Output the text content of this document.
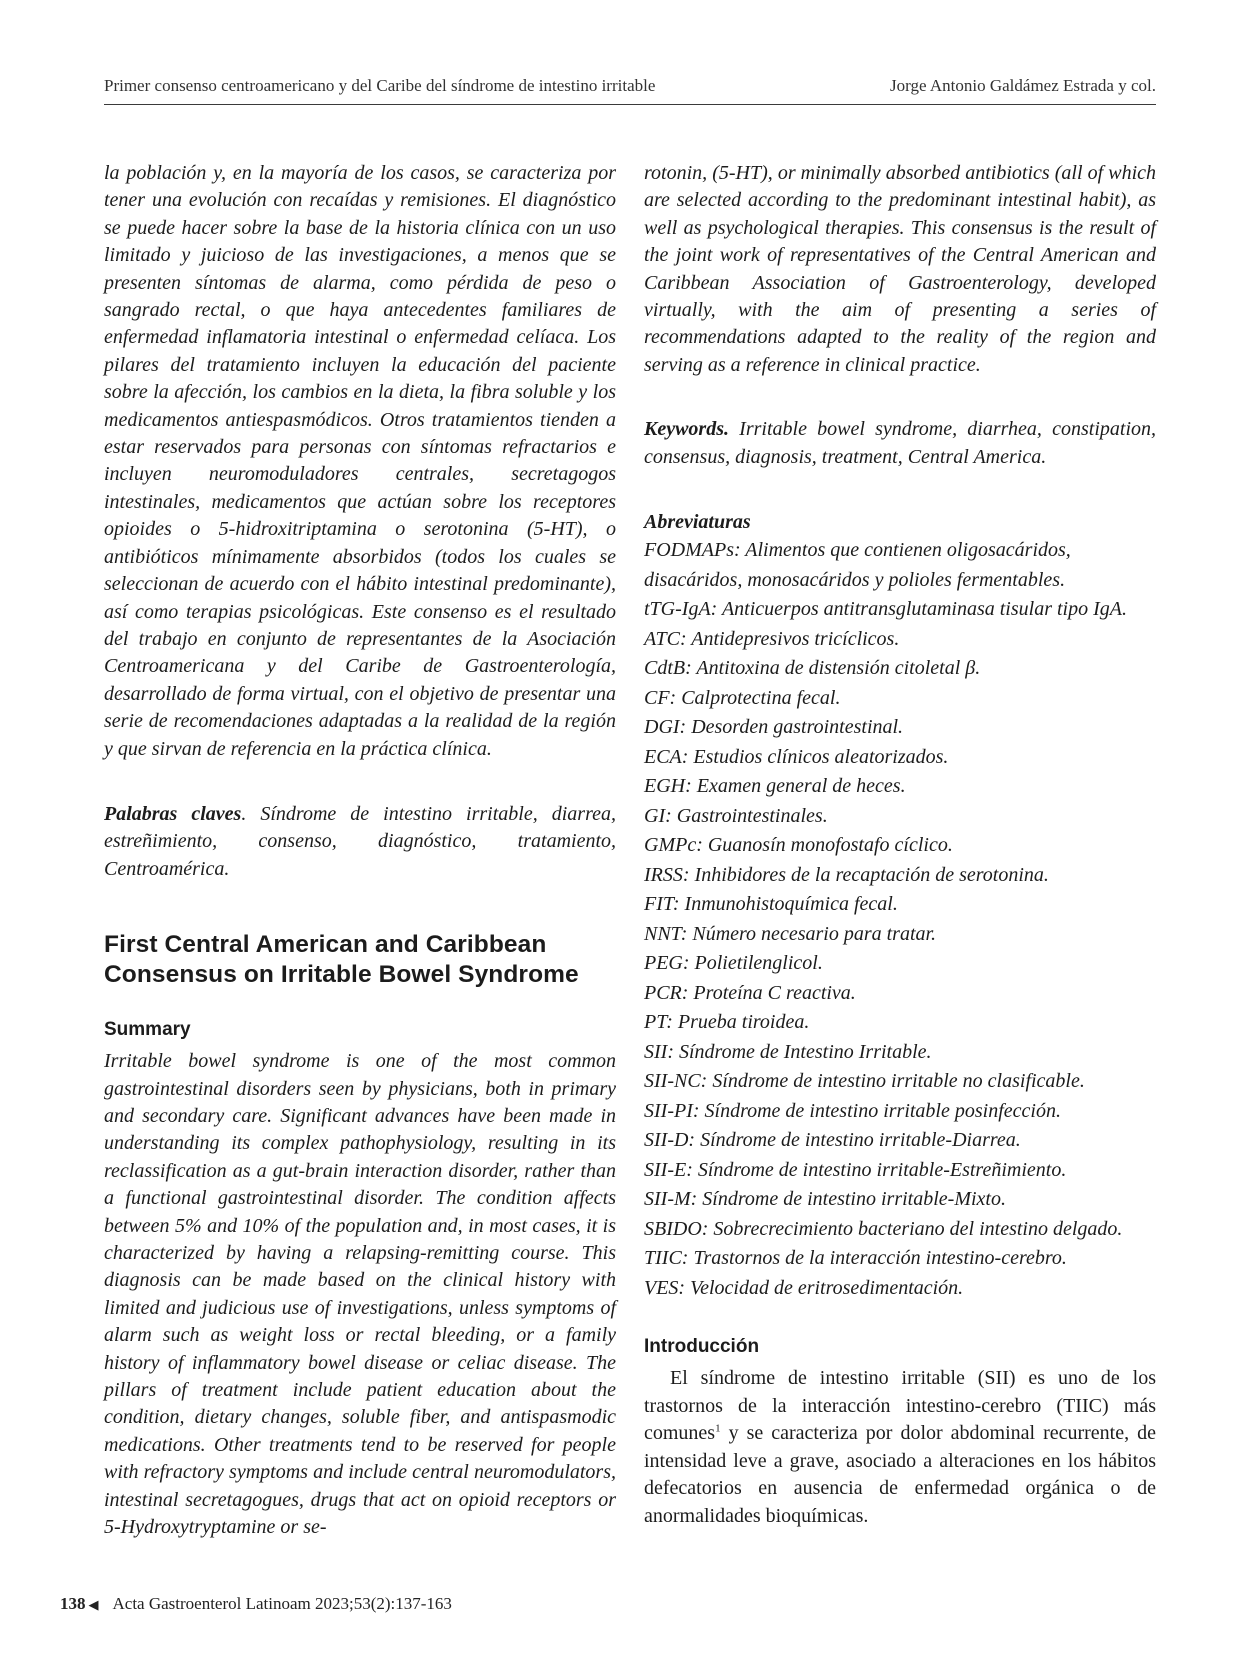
Primer consenso centroamericano y del Caribe del síndrome de intestino irritable	Jorge Antonio Galdámez Estrada y col.

la población y, en la mayoría de los casos, se caracteriza por tener una evolución con recaídas y remisiones. El diagnóstico se puede hacer sobre la base de la historia clínica con un uso limitado y juicioso de las investigaciones, a menos que se presenten síntomas de alarma, como pérdida de peso o sangrado rectal, o que haya antecedentes familiares de enfermedad inflamatoria intestinal o enfermedad celíaca. Los pilares del tratamiento incluyen la educación del paciente sobre la afección, los cambios en la dieta, la fibra soluble y los medicamentos antiespasmódicos. Otros tratamientos tienden a estar reservados para personas con síntomas refractarios e incluyen neuromoduladores centrales, secretagogos intestinales, medicamentos que actúan sobre los receptores opioides o 5-hidroxitriptamina o serotonina (5-HT), o antibióticos mínimamente absorbidos (todos los cuales se seleccionan de acuerdo con el hábito intestinal predominante), así como terapias psicológicas. Este consenso es el resultado del trabajo en conjunto de representantes de la Asociación Centroamericana y del Caribe de Gastroenterología, desarrollado de forma virtual, con el objetivo de presentar una serie de recomendaciones adaptadas a la realidad de la región y que sirvan de referencia en la práctica clínica.

Palabras claves. Síndrome de intestino irritable, diarrea, estreñimiento, consenso, diagnóstico, tratamiento, Centroamérica.

First Central American and Caribbean Consensus on Irritable Bowel Syndrome
Summary

Irritable bowel syndrome is one of the most common gastrointestinal disorders seen by physicians, both in primary and secondary care. Significant advances have been made in understanding its complex pathophysiology, resulting in its reclassification as a gut-brain interaction disorder, rather than a functional gastrointestinal disorder. The condition affects between 5% and 10% of the population and, in most cases, it is characterized by having a relapsing-remitting course. This diagnosis can be made based on the clinical history with limited and judicious use of investigations, unless symptoms of alarm such as weight loss or rectal bleeding, or a family history of inflammatory bowel disease or celiac disease. The pillars of treatment include patient education about the condition, dietary changes, soluble fiber, and antispasmodic medications. Other treatments tend to be reserved for people with refractory symptoms and include central neuromodulators, intestinal secretagogues, drugs that act on opioid receptors or 5-Hydroxytryptamine or se-

rotonin, (5-HT), or minimally absorbed antibiotics (all of which are selected according to the predominant intestinal habit), as well as psychological therapies. This consensus is the result of the joint work of representatives of the Central American and Caribbean Association of Gastroenterology, developed virtually, with the aim of presenting a series of recommendations adapted to the reality of the region and serving as a reference in clinical practice.

Keywords. Irritable bowel syndrome, diarrhea, constipation, consensus, diagnosis, treatment, Central America.

Abreviaturas
FODMAPs: Alimentos que contienen oligosacáridos, disacáridos, monosacáridos y polioles fermentables.
tTG-IgA: Anticuerpos antitransglutaminasa tisular tipo IgA.
ATC: Antidepresivos tricíclicos.
CdtB: Antitoxina de distensión citoletal β.
CF: Calprotectina fecal.
DGI: Desorden gastrointestinal.
ECA: Estudios clínicos aleatorizados.
EGH: Examen general de heces.
GI: Gastrointestinales.
GMPc: Guanosín monofostafo cíclico.
IRSS: Inhibidores de la recaptación de serotonina.
FIT: Inmunohistoquímica fecal.
NNT: Número necesario para tratar.
PEG: Polietilenglicol.
PCR: Proteína C reactiva.
PT: Prueba tiroidea.
SII: Síndrome de Intestino Irritable.
SII-NC: Síndrome de intestino irritable no clasificable.
SII-PI: Síndrome de intestino irritable posinfección.
SII-D: Síndrome de intestino irritable-Diarrea.
SII-E: Síndrome de intestino irritable-Estreñimiento.
SII-M: Síndrome de intestino irritable-Mixto.
SBIDO: Sobrecrecimiento bacteriano del intestino delgado.
TIIC: Trastornos de la interacción intestino-cerebro.
VES: Velocidad de eritrosedimentación.
Introducción

El síndrome de intestino irritable (SII) es uno de los trastornos de la interacción intestino-cerebro (TIIC) más comunes$^1$ y se caracteriza por dolor abdominal recurrente, de intensidad leve a grave, asociado a alteraciones en los hábitos defecatorios en ausencia de enfermedad orgánica o de anormalidades bioquímicas.

138 ◀ Acta Gastroenterol Latinoam 2023;53(2):137-163
